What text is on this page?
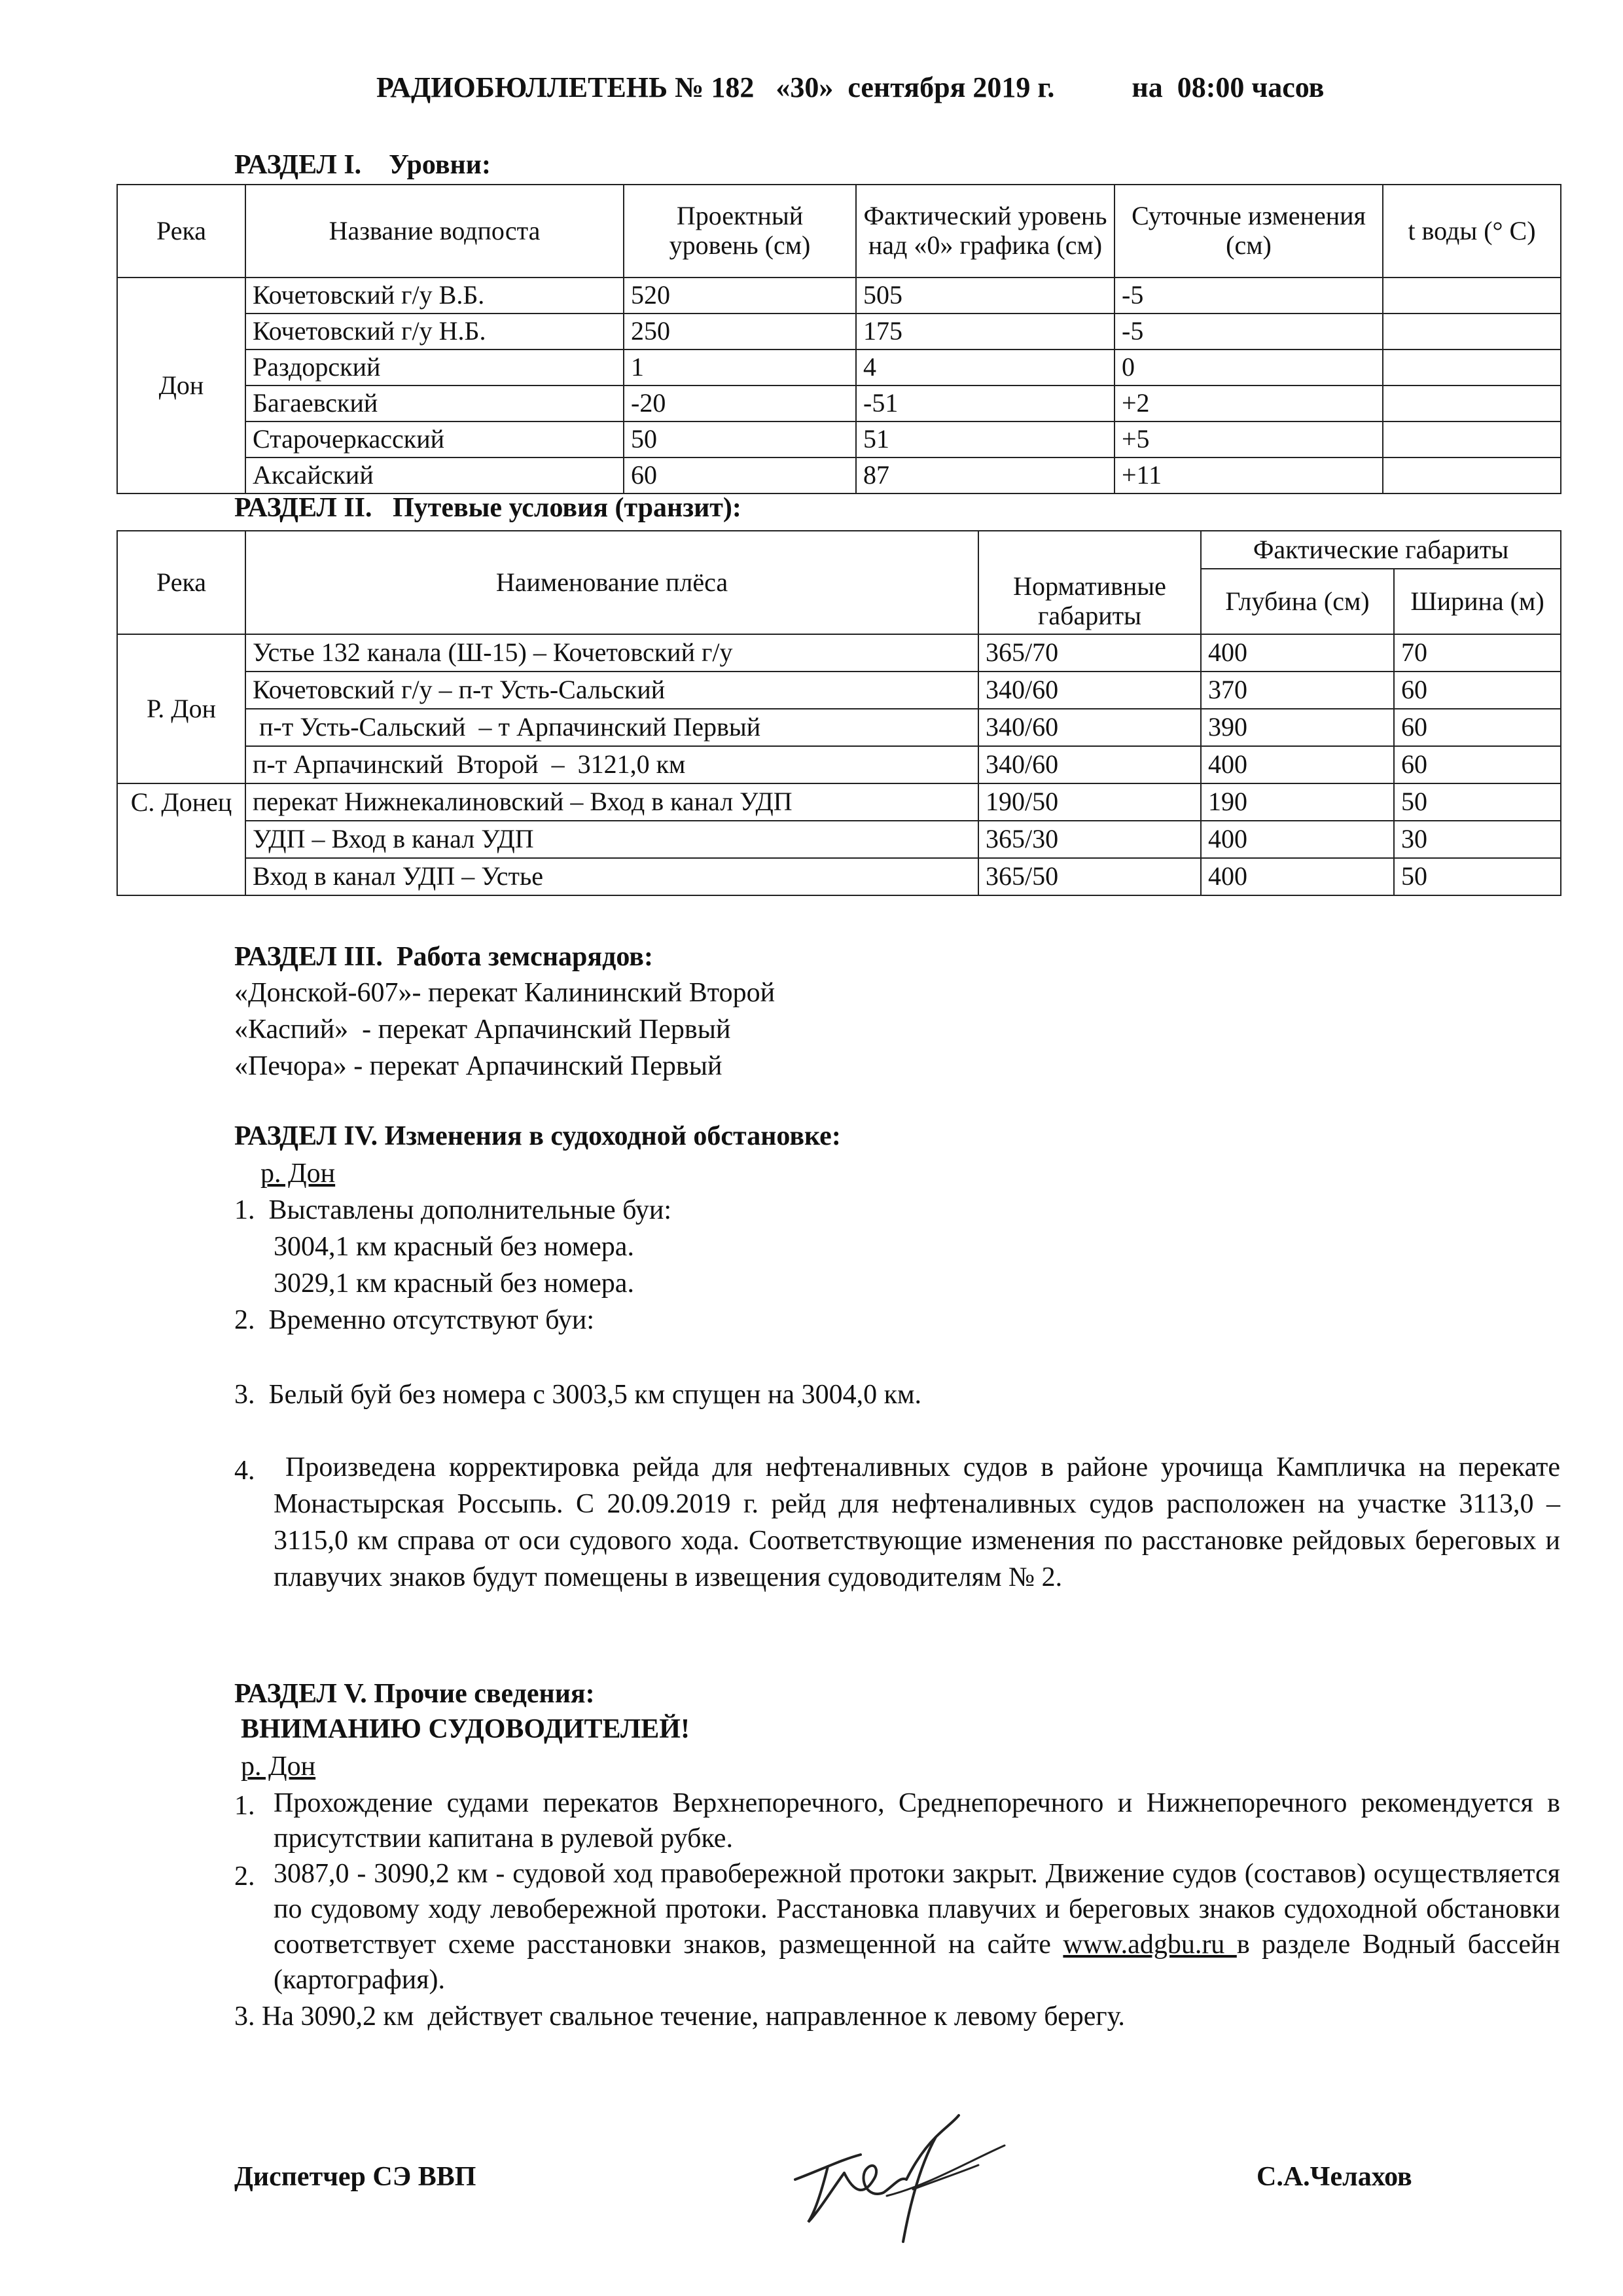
РАДИОБЮЛЛЕТЕНЬ № 182   «30»  сентября 2019 г.	на  08:00 часов
РАЗДЕЛ I.    Уровни:
Река	Название водпоста	Проектный уровень (см)	Фактический уровень над «0» графика (см)	Суточные изменения (см)	t воды (° С)
Дон	Кочетовский г/у В.Б.	520	505	-5	
	Кочетовский г/у Н.Б.	250	175	-5	
	Раздорский	1	4	0	
	Багаевский	-20	-51	+2	
	Старочеркасский	50	51	+5	
	Аксайский	60	87	+11	
РАЗДЕЛ II.   Путевые условия (транзит):
Река	Наименование плёса	Нормативные габариты	Фактические габариты	
			Глубина (см)	Ширина (м)
Р. Дон	Устье 132 канала (Ш-15) – Кочетовский г/у	365/70	400	70
	Кочетовский г/у – п-т Усть-Сальский	340/60	370	60
	п-т Усть-Сальский  – т Арпачинский Первый	340/60	390	60
	п-т Арпачинский  Второй  –  3121,0 км	340/60	400	60
С. Донец	перекат Нижнекалиновский – Вход в канал УДП	190/50	190	50
	УДП – Вход в канал УДП	365/30	400	30
	Вход в канал УДП – Устье	365/50	400	50
РАЗДЕЛ III.  Работа земснарядов:
«Донской-607»- перекат Калининский Второй
«Каспий»  - перекат Арпачинский Первый
«Печора» - перекат Арпачинский Первый
РАЗДЕЛ IV. Изменения в судоходной обстановке:
р. Дон
1.  Выставлены дополнительные буи:
3004,1 км красный без номера.
3029,1 км красный без номера.
2.  Временно отсутствуют буи:
3.  Белый буй без номера с 3003,5 км спущен на 3004,0 км.
4.	Произведена корректировка рейда для нефтеналивных судов в районе урочища Кампличка на перекате Монастырская Россыпь. С 20.09.2019 г. рейд для нефтеналивных судов расположен на участке 3113,0 – 3115,0 км справа от оси судового хода. Соответствующие изменения по расстановке рейдовых береговых и плавучих знаков будут помещены в извещения судоводителям № 2.
РАЗДЕЛ V. Прочие сведения:
ВНИМАНИЮ СУДОВОДИТЕЛЕЙ!
р. Дон
1. Прохождение судами перекатов Верхнепоречного, Среднепоречного и Нижнепоречного рекомендуется в присутствии капитана в рулевой рубке.
2. 3087,0 - 3090,2 км - судовой ход правобережной протоки закрыт. Движение судов (составов) осуществляется по судовому ходу левобережной протоки. Расстановка плавучих и береговых знаков судоходной обстановки соответствует схеме расстановки знаков, размещенной на сайте www.adgbu.ru в разделе Водный бассейн (картография).
3. На 3090,2 км  действует свальное течение, направленное к левому берегу.
Диспетчер СЭ ВВП	С.А.Челахов
